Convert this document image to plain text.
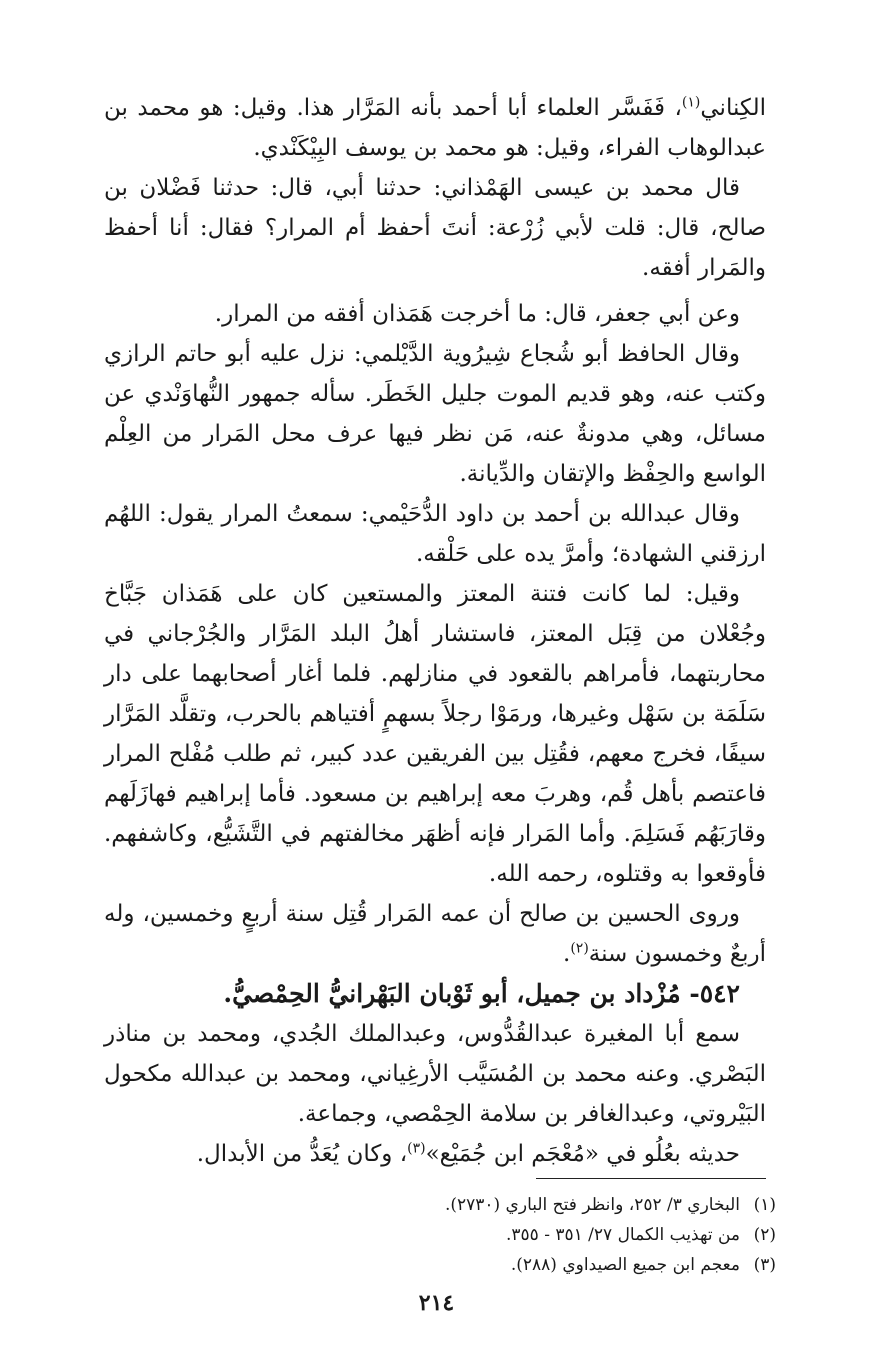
الكِناني$^{(١)}$، فَفَسَّر العلماء أبا أحمد بأنه المَرَّار هذا. وقيل: هو محمد بن عبدالوهاب الفراء، وقيل: هو محمد بن يوسف البِيْكَنْدي.

قال محمد بن عيسى الهَمْذاني: حدثنا أبي، قال: حدثنا فَضْلان بن صالح، قال: قلت لأبي زُرْعة: أنتَ أحفظ أم المرار؟ فقال: أنا أحفظ والمَرار أفقه.

وعن أبي جعفر، قال: ما أخرجت هَمَذان أفقه من المرار.

وقال الحافظ أبو شُجاع شِيرُوية الدَّيْلمي: نزل عليه أبو حاتم الرازي وكتب عنه، وهو قديم الموت جليل الخَطَر. سأله جمهور النُّهاوَنْدي عن مسائل، وهي مدونةٌ عنه، مَن نظر فيها عرف محل المَرار من العِلْم الواسع والحِفْظ والإتقان والدِّيانة.

وقال عبدالله بن أحمد بن داود الدُّحَيْمي: سمعتُ المرار يقول: اللهُم ارزقني الشهادة؛ وأمرَّ يده على حَلْقه.

وقيل: لما كانت فتنة المعتز والمستعين كان على هَمَذان جَبَّاخ وجُعْلان من قِبَل المعتز، فاستشار أهلُ البلد المَرَّار والجُرْجاني في محاربتهما، فأمراهم بالقعود في منازلهم. فلما أغار أصحابهما على دار سَلَمَة بن سَهْل وغيرها، ورمَوْا رجلاً بسهمٍ أفتياهم بالحرب، وتقلَّد المَرَّار سيفًا، فخرج معهم، فقُتِل بين الفريقين عدد كبير، ثم طلب مُفْلح المرار فاعتصم بأهل قُم، وهربَ معه إبراهيم بن مسعود. فأما إبراهيم فهازَلَهم وقارَبَهُم فَسَلِمَ. وأما المَرار فإنه أظهَر مخالفتهم في التَّشَيُّع، وكاشفهم. فأوقعوا به وقتلوه، رحمه الله.

وروى الحسين بن صالح أن عمه المَرار قُتِل سنة أربعٍ وخمسين، وله أربعٌ وخمسون سنة$^{(٢)}$.

٥٤٢- مُزْداد بن جميل، أبو ثَوْبان البَهْرانيُّ الحِمْصيُّ.

سمع أبا المغيرة عبدالقُدُّوس، وعبدالملك الجُدي، ومحمد بن مناذر البَصْري. وعنه محمد بن المُسَيَّب الأرغِياني، ومحمد بن عبدالله مكحول البَيْروتي، وعبدالغافر بن سلامة الحِمْصي، وجماعة.

حديثه بعُلُو في «مُعْجَم ابن جُمَيْع»$^{(٣)}$، وكان يُعَدُّ من الأبدال.

(١)البخاري ٣/ ٢٥٢، وانظر فتح الباري (٢٧٣٠).

(٢)من تهذيب الكمال ٢٧/ ٣٥١ - ٣٥٥.

(٣)معجم ابن جميع الصيداوي (٢٨٨).

٢١٤
